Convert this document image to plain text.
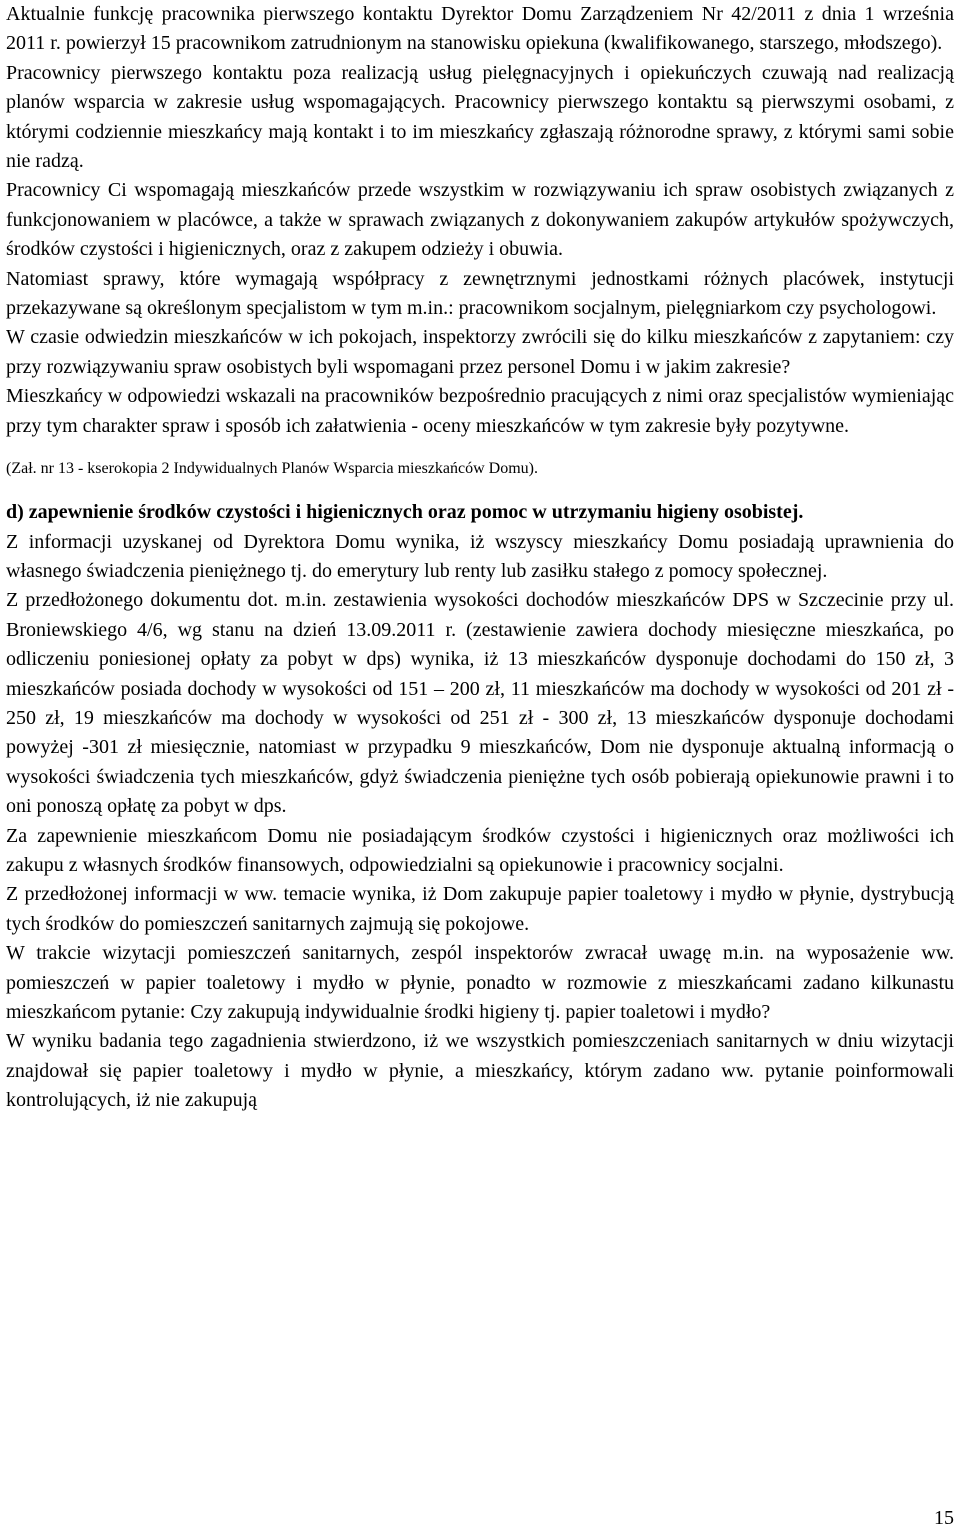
Aktualnie funkcję pracownika pierwszego kontaktu Dyrektor Domu Zarządzeniem Nr 42/2011 z dnia 1 września 2011 r. powierzył 15 pracownikom zatrudnionym na stanowisku opiekuna (kwalifikowanego, starszego, młodszego).

Pracownicy pierwszego kontaktu poza realizacją usług pielęgnacyjnych i opiekuńczych czuwają nad realizacją planów wsparcia w zakresie usług wspomagających. Pracownicy pierwszego kontaktu są pierwszymi osobami, z którymi codziennie mieszkańcy mają kontakt i to im mieszkańcy zgłaszają różnorodne sprawy, z którymi sami sobie nie radzą.

Pracownicy Ci wspomagają mieszkańców przede wszystkim w rozwiązywaniu ich spraw osobistych związanych z funkcjonowaniem w placówce, a także w sprawach związanych z dokonywaniem zakupów artykułów spożywczych, środków czystości i higienicznych, oraz z zakupem odzieży i obuwia.

Natomiast sprawy, które wymagają współpracy z zewnętrznymi jednostkami różnych placówek, instytucji przekazywane są określonym specjalistom w tym m.in.: pracownikom socjalnym, pielęgniarkom czy psychologowi.

W czasie odwiedzin mieszkańców w ich pokojach, inspektorzy zwrócili się do kilku mieszkańców z zapytaniem: czy przy rozwiązywaniu spraw osobistych byli wspomagani przez personel Domu i w jakim zakresie?

Mieszkańcy w odpowiedzi wskazali na pracowników bezpośrednio pracujących z nimi oraz specjalistów wymieniając przy tym charakter spraw i sposób ich załatwienia - oceny mieszkańców w tym zakresie były pozytywne.

(Zał. nr 13 - kserokopia 2 Indywidualnych Planów Wsparcia mieszkańców Domu).

d) zapewnienie środków czystości i higienicznych oraz pomoc w utrzymaniu higieny osobistej.

Z informacji uzyskanej od Dyrektora Domu wynika, iż wszyscy mieszkańcy Domu posiadają uprawnienia do własnego świadczenia pieniężnego tj. do emerytury lub renty lub zasiłku stałego z pomocy społecznej.

Z przedłożonego dokumentu dot. m.in. zestawienia wysokości dochodów mieszkańców DPS w Szczecinie przy ul. Broniewskiego 4/6, wg stanu na dzień 13.09.2011 r. (zestawienie zawiera dochody miesięczne mieszkańca, po odliczeniu poniesionej opłaty za pobyt w dps) wynika, iż 13 mieszkańców dysponuje dochodami do 150 zł, 3 mieszkańców posiada dochody w wysokości od 151 – 200 zł, 11 mieszkańców ma dochody w wysokości od 201 zł - 250 zł, 19 mieszkańców ma dochody w wysokości od 251 zł - 300 zł, 13 mieszkańców dysponuje dochodami powyżej -301 zł miesięcznie, natomiast w przypadku 9 mieszkańców, Dom nie dysponuje aktualną informacją o wysokości świadczenia tych mieszkańców, gdyż świadczenia pieniężne tych osób pobierają opiekunowie prawni i to oni ponoszą opłatę za pobyt w dps.

Za zapewnienie mieszkańcom Domu nie posiadającym środków czystości i higienicznych oraz możliwości ich zakupu z własnych środków finansowych, odpowiedzialni są opiekunowie i pracownicy socjalni.

Z przedłożonej informacji w ww. temacie wynika, iż Dom zakupuje papier toaletowy i mydło w płynie, dystrybucją tych środków do pomieszczeń sanitarnych zajmują się pokojowe.

W trakcie wizytacji pomieszczeń sanitarnych, zespól inspektorów zwracał uwagę m.in. na wyposażenie ww. pomieszczeń w papier toaletowy i mydło w płynie, ponadto w rozmowie z mieszkańcami zadano kilkunastu mieszkańcom pytanie: Czy zakupują indywidualnie środki higieny tj. papier toaletowi i mydło?

W wyniku badania tego zagadnienia stwierdzono, iż we wszystkich pomieszczeniach sanitarnych w dniu wizytacji znajdował się papier toaletowy i mydło w płynie, a mieszkańcy, którym zadano ww. pytanie poinformowali kontrolujących, iż nie zakupują

15
